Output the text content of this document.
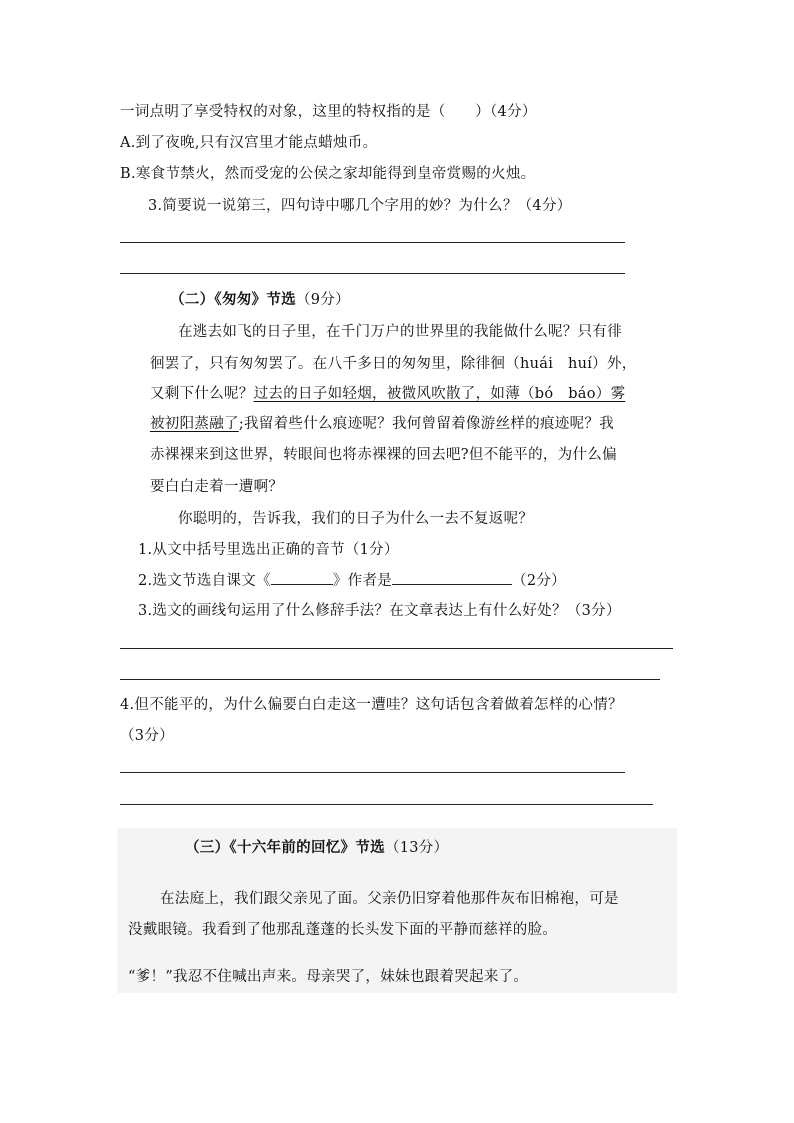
一词点明了享受特权的对象，这里的特权指的是（　　）（4分）
A.到了夜晚,只有汉宫里才能点蜡烛币。
B.寒食节禁火，然而受宠的公侯之家却能得到皇帝赏赐的火烛。
3.简要说一说第三，四句诗中哪几个字用的妙？为什么？（4分）
（二）《匆匆》节选（9分）
在逃去如飞的日子里，在千门万户的世界里的我能做什么呢？只有徘
徊罢了，只有匆匆罢了。在八千多日的匆匆里，除徘徊（huái　huí）外，
又剩下什么呢？过去的日子如轻烟，被微风吹散了，如薄（bó　báo）雾
被初阳蒸融了;我留着些什么痕迹呢？我何曾留着像游丝样的痕迹呢？我
赤裸裸来到这世界，转眼间也将赤裸裸的回去吧?但不能平的，为什么偏
要白白走着一遭啊？
你聪明的，告诉我，我们的日子为什么一去不复返呢？
1.从文中括号里选出正确的音节（1分）
2.选文节选自课文《	》作者是	（2分）
3.选文的画线句运用了什么修辞手法？在文章表达上有什么好处？（3分）
4.但不能平的，为什么偏要白白走这一遭哇？这句话包含着做着怎样的心情？
（3分）
（三）《十六年前的回忆》节选（13分）
在法庭上，我们跟父亲见了面。父亲仍旧穿着他那件灰布旧棉袍，可是
没戴眼镜。我看到了他那乱蓬蓬的长头发下面的平静而慈祥的脸。
“爹！”我忍不住喊出声来。母亲哭了，妹妹也跟着哭起来了。
